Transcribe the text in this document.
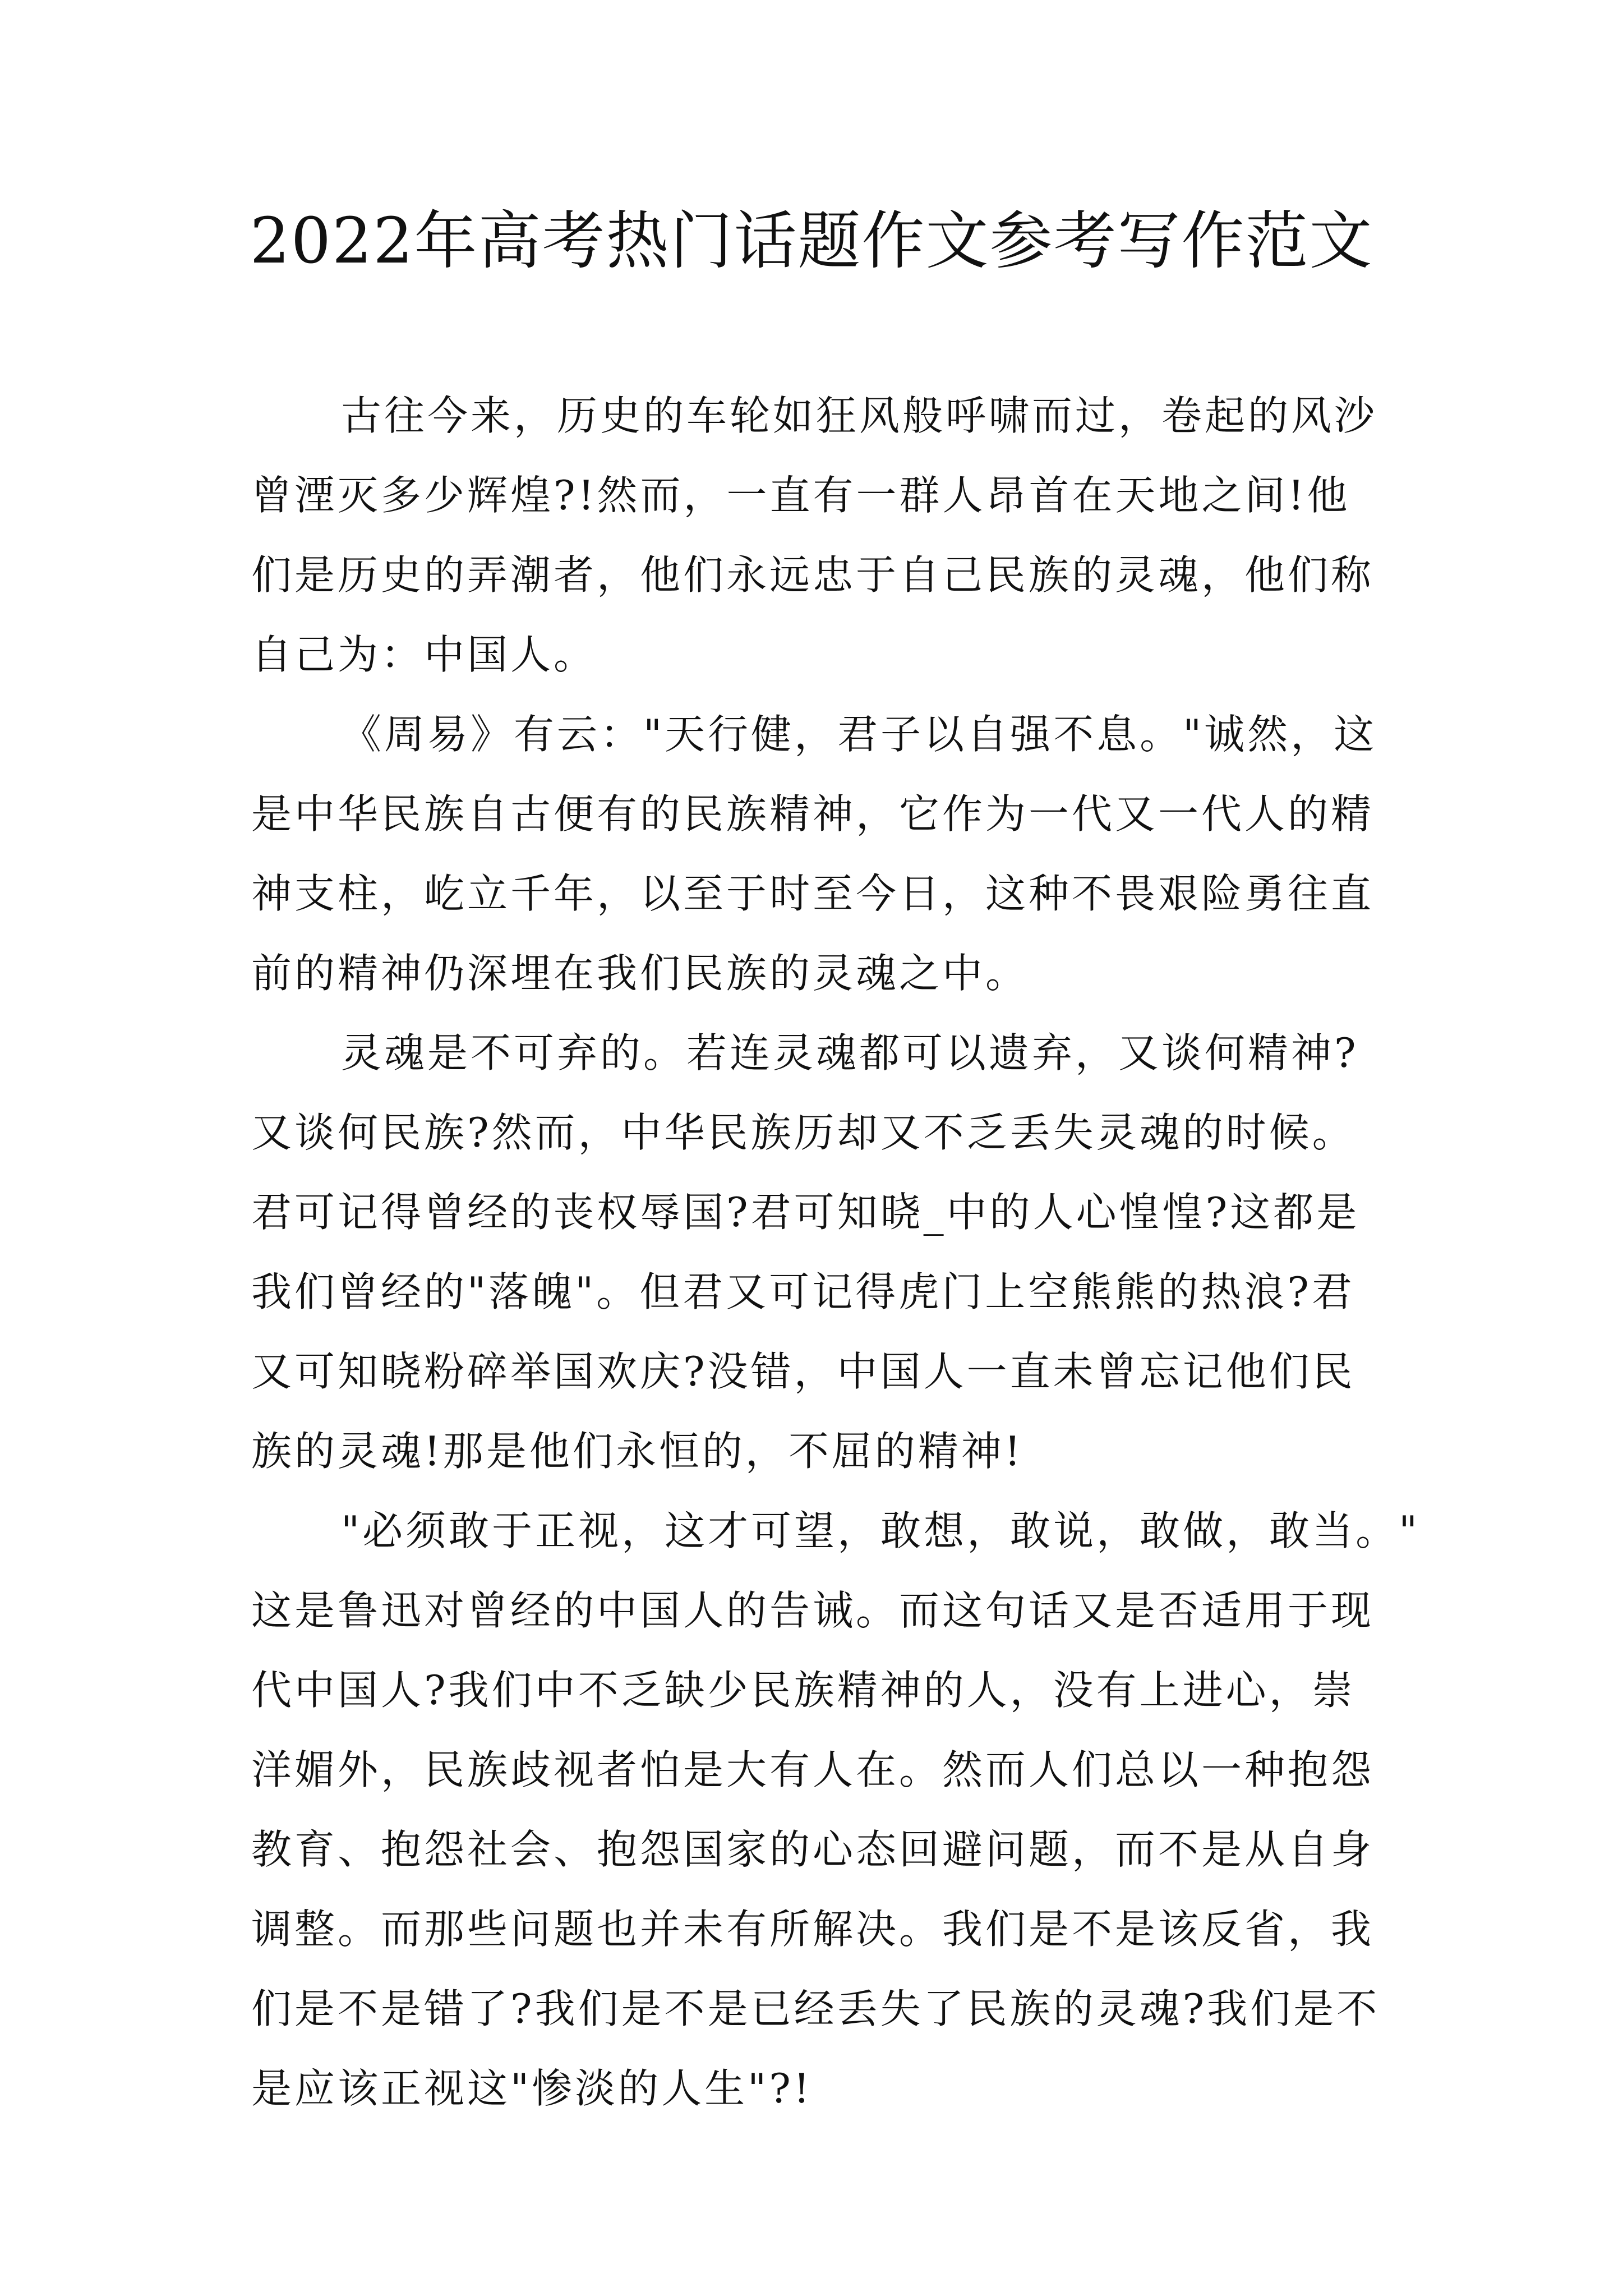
2022年高考热门话题作文参考写作范文

古往今来，历史的车轮如狂风般呼啸而过，卷起的风沙
曾湮灭多少辉煌?!然而，一直有一群人昂首在天地之间!他
们是历史的弄潮者，他们永远忠于自己民族的灵魂，他们称
自己为：中国人。

《周易》有云："天行健，君子以自强不息。"诚然，这
是中华民族自古便有的民族精神，它作为一代又一代人的精
神支柱，屹立千年，以至于时至今日，这种不畏艰险勇往直
前的精神仍深埋在我们民族的灵魂之中。

灵魂是不可弃的。若连灵魂都可以遗弃，又谈何精神?
又谈何民族?然而，中华民族历却又不乏丢失灵魂的时候。
君可记得曾经的丧权辱国?君可知晓_中的人心惶惶?这都是
我们曾经的"落魄"。但君又可记得虎门上空熊熊的热浪?君
又可知晓粉碎举国欢庆?没错，中国人一直未曾忘记他们民
族的灵魂!那是他们永恒的，不屈的精神!

"必须敢于正视，这才可望，敢想，敢说，敢做，敢当。"
这是鲁迅对曾经的中国人的告诫。而这句话又是否适用于现
代中国人?我们中不乏缺少民族精神的人，没有上进心，崇
洋媚外，民族歧视者怕是大有人在。然而人们总以一种抱怨
教育、抱怨社会、抱怨国家的心态回避问题，而不是从自身
调整。而那些问题也并未有所解决。我们是不是该反省，我
们是不是错了?我们是不是已经丢失了民族的灵魂?我们是不
是应该正视这"惨淡的人生"?!
